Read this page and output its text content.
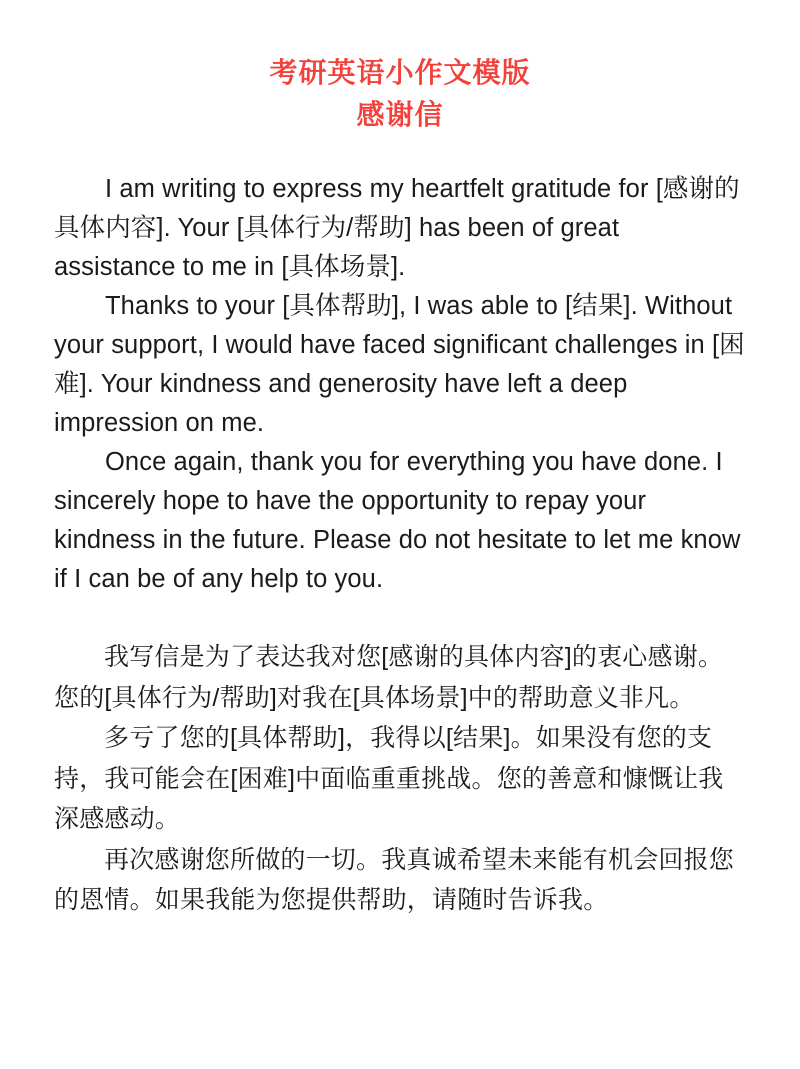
考研英语小作文模版
感谢信

I am writing to express my heartfelt gratitude for [感谢的具体内容]. Your [具体行为/帮助] has been of great assistance to me in [具体场景].

Thanks to your [具体帮助], I was able to [结果]. Without your support, I would have faced significant challenges in [困难]. Your kindness and generosity have left a deep impression on me.

Once again, thank you for everything you have done. I sincerely hope to have the opportunity to repay your kindness in the future. Please do not hesitate to let me know if I can be of any help to you.

我写信是为了表达我对您[感谢的具体内容]的衷心感谢。您的[具体行为/帮助]对我在[具体场景]中的帮助意义非凡。

多亏了您的[具体帮助]，我得以[结果]。如果没有您的支持，我可能会在[困难]中面临重重挑战。您的善意和慷慨让我深感感动。

再次感谢您所做的一切。我真诚希望未来能有机会回报您的恩情。如果我能为您提供帮助，请随时告诉我。
